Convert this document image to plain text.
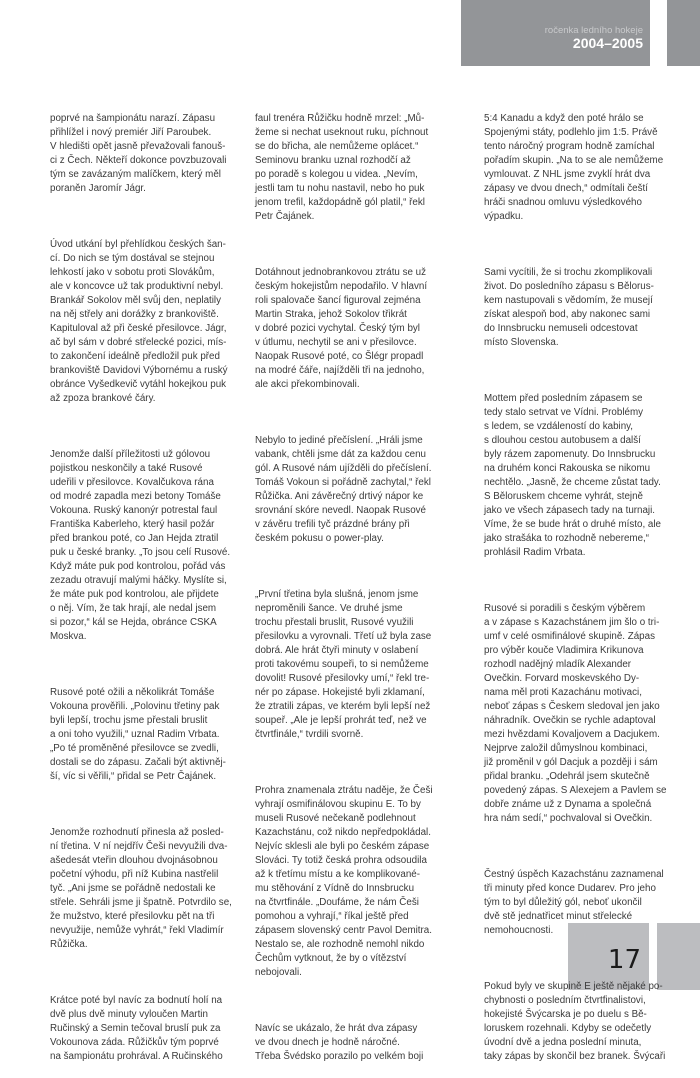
ročenka ledního hokeje
2004–2005

poprvé na šampionátu narazí. Zápasu
přihlížel i nový premiér Jiří Paroubek.
V hledišti opět jasně převažovali fanouš-
ci z Čech. Někteří dokonce povzbuzovali
tým se zavázaným malíčkem, který měl
poraněn Jaromír Jágr.

Úvod utkání byl přehlídkou českých šan-
cí. Do nich se tým dostával se stejnou
lehkostí jako v sobotu proti Slovákům,
ale v koncovce už tak produktivní nebyl.
Brankář Sokolov měl svůj den, neplatily
na něj střely ani dorážky z brankoviště.
Kapituloval až při české přesilovce. Jágr,
ač byl sám v dobré střelecké pozici, mís-
to zakončení ideálně předložil puk před
brankoviště Davidovi Výbornému a ruský
obránce Vyšedkevič vytáhl hokejkou puk
až zpoza brankové čáry.

Jenomže další příležitosti už gólovou
pojistkou neskončily a také Rusové
udeřili v přesilovce. Kovalčukova rána
od modré zapadla mezi betony Tomáše
Vokouna. Ruský kanonýr potrestal faul
Františka Kaberleho, který hasil požár
před brankou poté, co Jan Hejda ztratil
puk u české branky. „To jsou celí Rusové.
Když máte puk pod kontrolou, pořád vás
zezadu otravují malými háčky. Myslíte si,
že máte puk pod kontrolou, ale přijdete
o něj. Vím, že tak hrají, ale nedal jsem
si pozor,“ kál se Hejda, obránce CSKA
Moskva.

Rusové poté ožili a několikrát Tomáše
Vokouna prověřili. „Polovinu třetiny pak
byli lepší, trochu jsme přestali bruslit
a oni toho využili,“ uznal Radim Vrbata.
„Po té proměněné přesilovce se zvedli,
dostali se do zápasu. Začali být aktivněj-
ší, víc si věřili,“ přidal se Petr Čajánek.

Jenomže rozhodnutí přinesla až posled-
ní třetina. V ní nejdřív Češi nevyužili dva-
ašedesát vteřin dlouhou dvojnásobnou
početní výhodu, při níž Kubina nastřelil
tyč. „Ani jsme se pořádně nedostali ke
střele. Sehráli jsme ji špatně. Potvrdilo se,
že mužstvo, které přesilovku pět na tři
nevyužije, nemůže vyhrát,“ řekl Vladimír
Růžička.

Krátce poté byl navíc za bodnutí holí na
dvě plus dvě minuty vyloučen Martin
Ručinský a Semin tečoval bruslí puk za
Vokounova záda. Růžičkův tým poprvé
na šampionátu prohrával. A Ručinského

faul trenéra Růžičku hodně mrzel: „Mů-
žeme si nechat useknout ruku, píchnout
se do břicha, ale nemůžeme oplácet.“
Seminovu branku uznal rozhodčí až
po poradě s kolegou u videa. „Nevím,
jestli tam tu nohu nastavil, nebo ho puk
jenom trefil, každopádně gól platil,“ řekl
Petr Čajánek.

Dotáhnout jednobrankovou ztrátu se už
českým hokejistům nepodařilo. V hlavní
roli spalovače šancí figuroval zejména
Martin Straka, jehož Sokolov třikrát
v dobré pozici vychytal. Český tým byl
v útlumu, nechytil se ani v přesilovce.
Naopak Rusové poté, co Šlégr propadl
na modré čáře, najížděli tři na jednoho,
ale akci překombinovali.

Nebylo to jediné přečíslení. „Hráli jsme
vabank, chtěli jsme dát za každou cenu
gól. A Rusové nám ujížděli do přečíslení.
Tomáš Vokoun si pořádně zachytal,“ řekl
Růžička. Ani závěrečný drtivý nápor ke
srovnání skóre nevedl. Naopak Rusové
v závěru trefili tyč prázdné brány při
českém pokusu o power-play.

„První třetina byla slušná, jenom jsme
neproměnili šance. Ve druhé jsme
trochu přestali bruslit, Rusové využili
přesilovku a vyrovnali. Třetí už byla zase
dobrá. Ale hrát čtyři minuty v oslabení
proti takovému soupeři, to si nemůžeme
dovolit! Rusové přesilovky umí,“ řekl tre-
nér po zápase. Hokejisté byli zklamaní,
že ztratili zápas, ve kterém byli lepší než
soupeř. „Ale je lepší prohrát teď, než ve
čtvrtfinále,“ tvrdili svorně.

Prohra znamenala ztrátu naděje, že Češi
vyhrají osmifinálovou skupinu E. To by
museli Rusové nečekaně podlehnout
Kazachstánu, což nikdo nepředpokládal.
Nejvíc sklesli ale byli po českém zápase
Slováci. Ty totiž česká prohra odsoudila
až k třetímu místu a ke komplikované-
mu stěhování z Vídně do Innsbrucku
na čtvrtfinále. „Doufáme, že nám Češi
pomohou a vyhrají,“ říkal ještě před
zápasem slovenský centr Pavol Demitra.
Nestalo se, ale rozhodně nemohl nikdo
Čechům vytknout, že by o vítězství
nebojovali.

Navíc se ukázalo, že hrát dva zápasy
ve dvou dnech je hodně náročné.
Třeba Švédsko porazilo po velkém boji

5:4 Kanadu a když den poté hrálo se
Spojenými státy, podlehlo jim 1:5. Právě
tento náročný program hodně zamíchal
pořadím skupin. „Na to se ale nemůžeme
vymlouvat. Z NHL jsme zvyklí hrát dva
zápasy ve dvou dnech,“ odmítali čeští
hráči snadnou omluvu výsledkového
výpadku.

Sami vycítili, že si trochu zkomplikovali
život. Do posledního zápasu s Bělorus-
kem nastupovali s vědomím, že musejí
získat alespoň bod, aby nakonec sami
do Innsbrucku nemuseli odcestovat
místo Slovenska.

Mottem před posledním zápasem se
tedy stalo setrvat ve Vídni. Problémy
s ledem, se vzdáleností do kabiny,
s dlouhou cestou autobusem a další
byly rázem zapomenuty. Do Innsbrucku
na druhém konci Rakouska se nikomu
nechtělo. „Jasně, že chceme zůstat tady.
S Běloruskem chceme vyhrát, stejně
jako ve všech zápasech tady na turnaji.
Víme, že se bude hrát o druhé místo, ale
jako strašáka to rozhodně nebereme,“
prohlásil Radim Vrbata.

Rusové si poradili s českým výběrem
a v zápase s Kazachstánem jim šlo o tri-
umf v celé osmifinálové skupině. Zápas
pro výběr kouče Vladimira Krikunova
rozhodl nadějný mladík Alexander
Ovečkin. Forvard moskevského Dy-
nama měl proti Kazachánu motivaci,
neboť zápas s Českem sledoval jen jako
náhradník. Ovečkin se rychle adaptoval
mezi hvězdami Kovaljovem a Dacjukem.
Nejprve založil důmyslnou kombinaci,
již proměnil v gól Dacjuk a později i sám
přidal branku. „Odehrál jsem skutečně
povedený zápas. S Alexejem a Pavlem se
dobře známe už z Dynama a společná
hra nám sedí,“ pochvaloval si Ovečkin.

Čestný úspěch Kazachstánu zaznamenal
tři minuty před konce Dudarev. Pro jeho
tým to byl důležitý gól, neboť ukončil
dvě stě jednatřicet minut střelecké
nemohoucnosti.

Pokud byly ve skupině E ještě nějaké po-
chybnosti o posledním čtvrtfinalistovi,
hokejisté Švýcarska je po duelu s Bě-
loruskem rozehnali. Kdyby se odečetly
úvodní dvě a jedna poslední minuta,
taky zápas by skončil bez branek. Švýcaři

17
